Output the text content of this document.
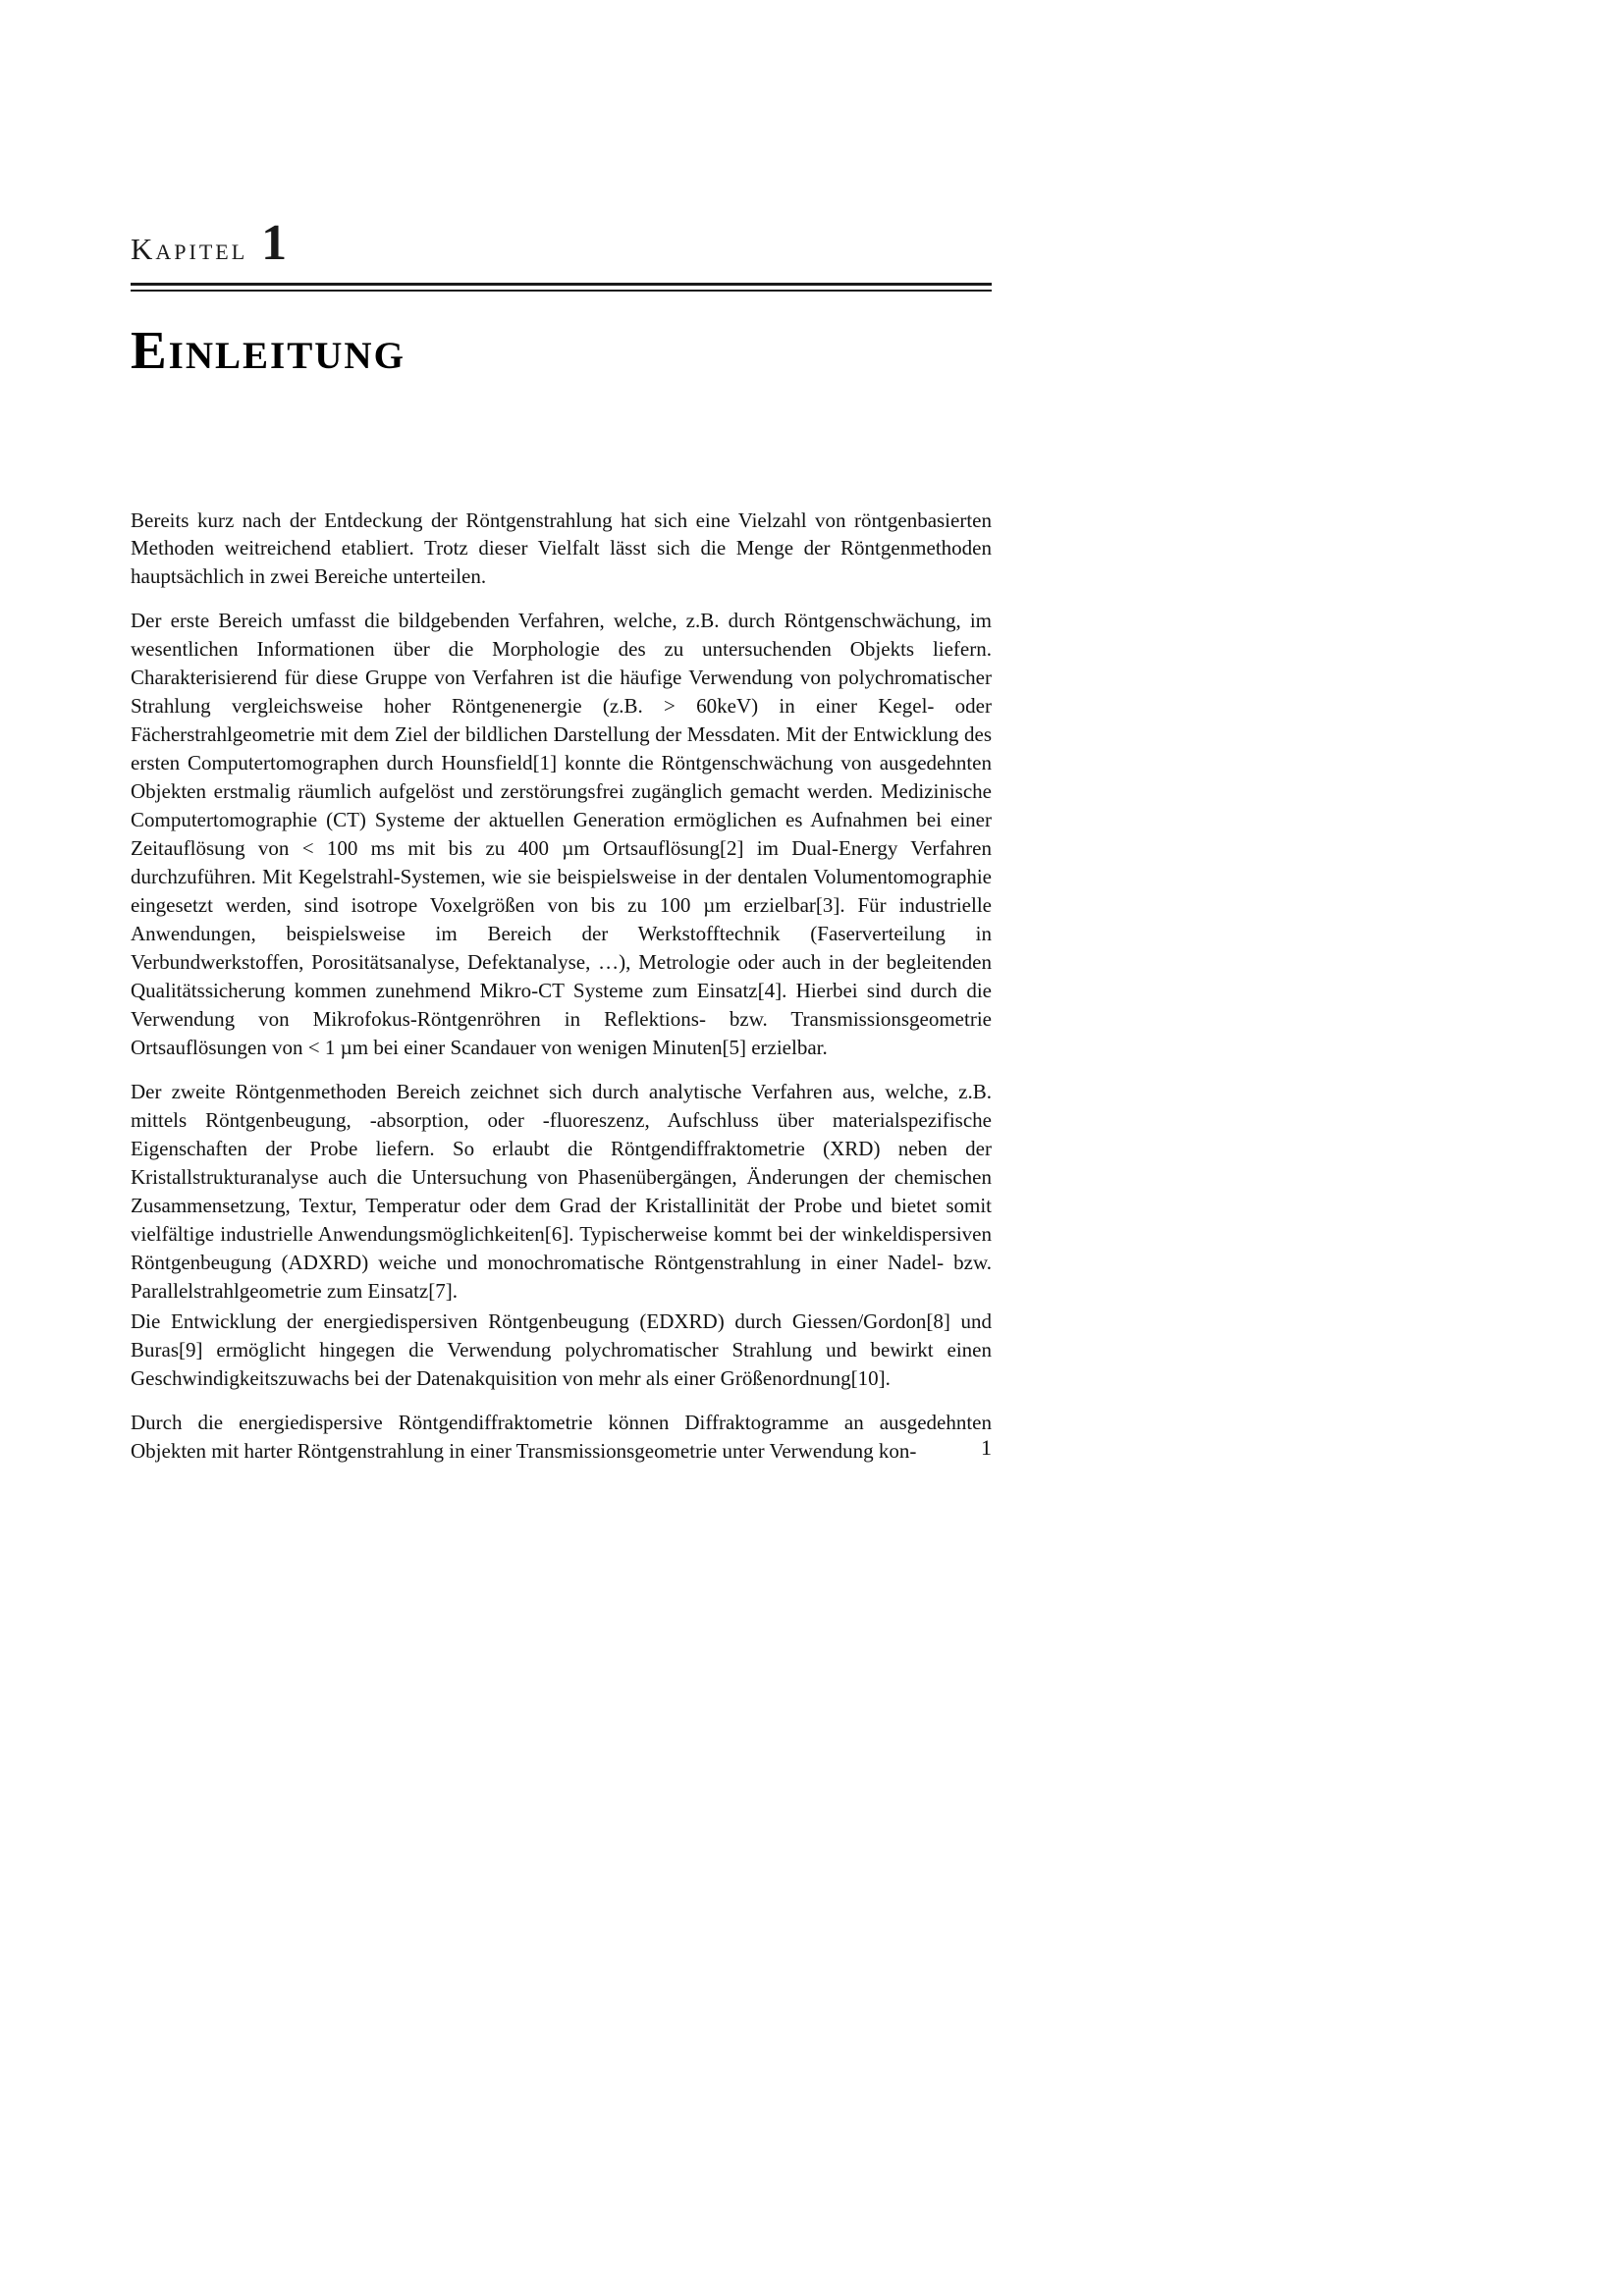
Kapitel 1
Einleitung

Bereits kurz nach der Entdeckung der Röntgenstrahlung hat sich eine Vielzahl von röntgenbasierten Methoden weitreichend etabliert. Trotz dieser Vielfalt lässt sich die Menge der Röntgenmethoden hauptsächlich in zwei Bereiche unterteilen.

Der erste Bereich umfasst die bildgebenden Verfahren, welche, z.B. durch Röntgenschwächung, im wesentlichen Informationen über die Morphologie des zu untersuchenden Objekts liefern. Charakterisierend für diese Gruppe von Verfahren ist die häufige Verwendung von polychromatischer Strahlung vergleichsweise hoher Röntgenenergie (z.B. > 60keV) in einer Kegel- oder Fächerstrahlgeometrie mit dem Ziel der bildlichen Darstellung der Messdaten. Mit der Entwicklung des ersten Computertomographen durch Hounsfield[1] konnte die Röntgenschwächung von ausgedehnten Objekten erstmalig räumlich aufgelöst und zerstörungsfrei zugänglich gemacht werden. Medizinische Computertomographie (CT) Systeme der aktuellen Generation ermöglichen es Aufnahmen bei einer Zeitauflösung von < 100 ms mit bis zu 400 µm Ortsauflösung[2] im Dual-Energy Verfahren durchzuführen. Mit Kegelstrahl-Systemen, wie sie beispielsweise in der dentalen Volumentomographie eingesetzt werden, sind isotrope Voxelgrößen von bis zu 100 µm erzielbar[3]. Für industrielle Anwendungen, beispielsweise im Bereich der Werkstofftechnik (Faserverteilung in Verbundwerkstoffen, Porositätsanalyse, Defektanalyse, …), Metrologie oder auch in der begleitenden Qualitätssicherung kommen zunehmend Mikro-CT Systeme zum Einsatz[4]. Hierbei sind durch die Verwendung von Mikrofokus-Röntgenröhren in Reflektions- bzw. Transmissionsgeometrie Ortsauflösungen von < 1 µm bei einer Scandauer von wenigen Minuten[5] erzielbar.

Der zweite Röntgenmethoden Bereich zeichnet sich durch analytische Verfahren aus, welche, z.B. mittels Röntgenbeugung, -absorption, oder -fluoreszenz, Aufschluss über materialspezifische Eigenschaften der Probe liefern. So erlaubt die Röntgendiffraktometrie (XRD) neben der Kristallstrukturanalyse auch die Untersuchung von Phasenübergängen, Änderungen der chemischen Zusammensetzung, Textur, Temperatur oder dem Grad der Kristallinität der Probe und bietet somit vielfältige industrielle Anwendungsmöglichkeiten[6]. Typischerweise kommt bei der winkeldispersiven Röntgenbeugung (ADXRD) weiche und monochromatische Röntgenstrahlung in einer Nadel- bzw. Parallelstrahlgeometrie zum Einsatz[7].

Die Entwicklung der energiedispersiven Röntgenbeugung (EDXRD) durch Giessen/Gordon[8] und Buras[9] ermöglicht hingegen die Verwendung polychromatischer Strahlung und bewirkt einen Geschwindigkeitszuwachs bei der Datenakquisition von mehr als einer Größenordnung[10].

Durch die energiedispersive Röntgendiffraktometrie können Diffraktogramme an ausgedehnten Objekten mit harter Röntgenstrahlung in einer Transmissionsgeometrie unter Verwendung kon-	1
